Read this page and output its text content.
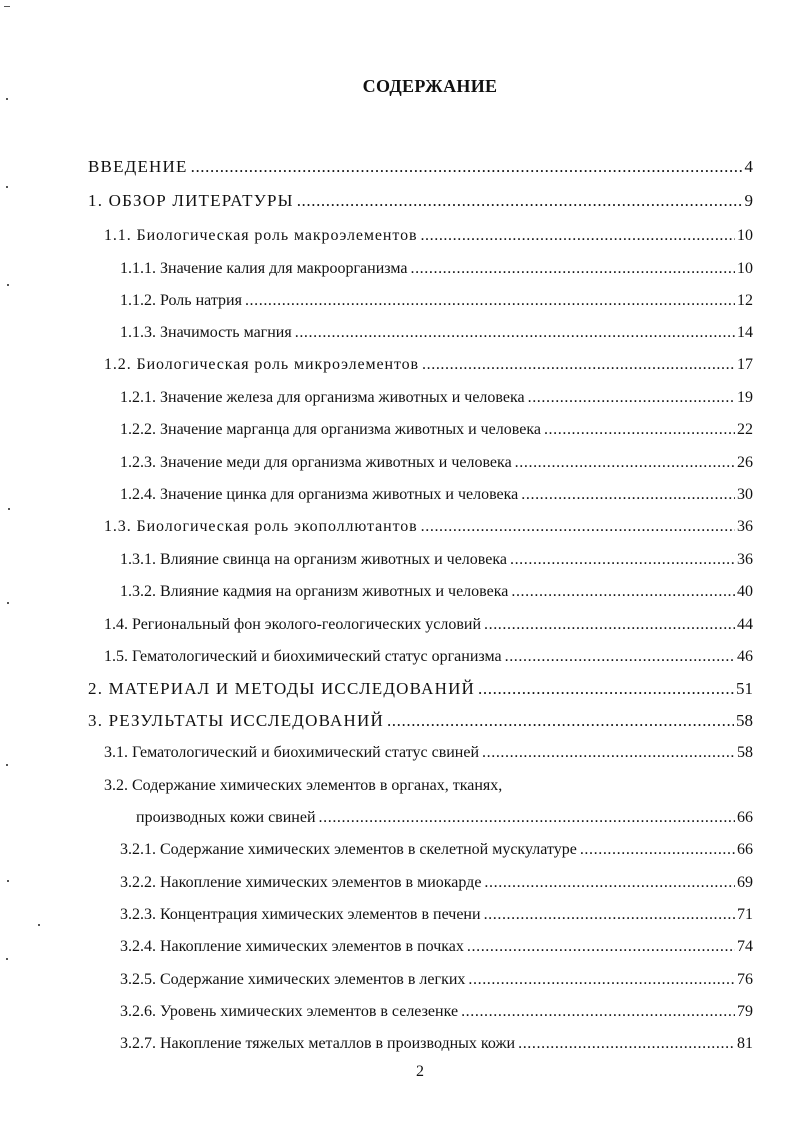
СОДЕРЖАНИЕ
ВВЕДЕНИЕ .....	4
1. ОБЗОР ЛИТЕРАТУРЫ .....	9
1.1. Биологическая роль макроэлементов .....	10
1.1.1. Значение калия для макроорганизма .....	10
1.1.2. Роль натрия .....	12
1.1.3. Значимость магния .....	14
1.2. Биологическая роль микроэлементов .....	17
1.2.1. Значение железа для организма животных и человека .....	19
1.2.2. Значение марганца для организма животных и человека .....	22
1.2.3. Значение меди для организма животных и человека .....	26
1.2.4. Значение цинка для организма животных и человека .....	30
1.3. Биологическая роль экополлютантов .....	36
1.3.1. Влияние свинца на организм животных и человека .....	36
1.3.2. Влияние кадмия на организм животных и человека .....	40
1.4. Региональный фон эколого-геологических условий .....	44
1.5. Гематологический и биохимический статус организма .....	46
2. МАТЕРИАЛ И МЕТОДЫ ИССЛЕДОВАНИЙ .....	51
3. РЕЗУЛЬТАТЫ ИССЛЕДОВАНИЙ .....	58
3.1. Гематологический и биохимический статус свиней .....	58
3.2. Содержание химических элементов в органах, тканях,
производных кожи свиней .....	66
3.2.1. Содержание химических элементов в скелетной мускулатуре .....	66
3.2.2. Накопление химических элементов в миокарде .....	69
3.2.3. Концентрация химических элементов в печени .....	71
3.2.4. Накопление химических элементов в почках .....	74
3.2.5. Содержание химических элементов в легких .....	76
3.2.6. Уровень химических элементов в селезенке .....	79
3.2.7. Накопление тяжелых металлов в производных кожи .....	81
2
